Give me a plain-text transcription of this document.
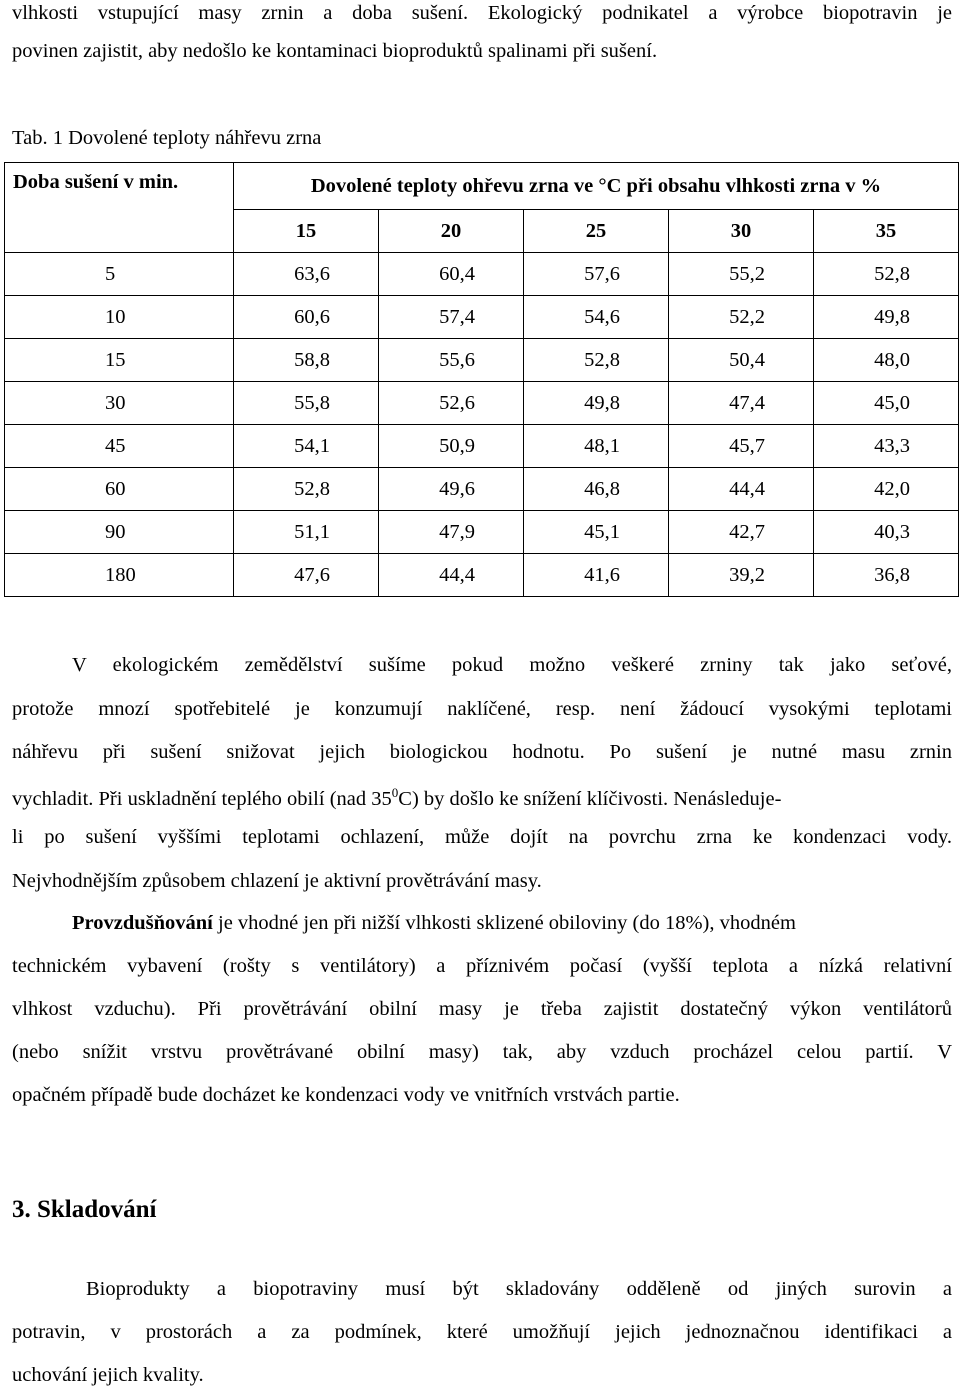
vlhkosti vstupující masy zrnin a doba sušení. Ekologický podnikatel a výrobce biopotravin je
povinen zajistit, aby nedošlo ke kontaminaci bioproduktů spalinami při sušení.
Tab. 1 Dovolené teploty náhřevu zrna
Doba sušení v min.	Dovolené teploty ohřevu zrna ve °C při obsahu vlhkosti zrna v %				
	15	20	25	30	35
5	63,6	60,4	57,6	55,2	52,8
10	60,6	57,4	54,6	52,2	49,8
15	58,8	55,6	52,8	50,4	48,0
30	55,8	52,6	49,8	47,4	45,0
45	54,1	50,9	48,1	45,7	43,3
60	52,8	49,6	46,8	44,4	42,0
90	51,1	47,9	45,1	42,7	40,3
180	47,6	44,4	41,6	39,2	36,8
V ekologickém zemědělství sušíme pokud možno veškeré zrniny tak jako seťové,
protože mnozí spotřebitelé je konzumují naklíčené, resp. není žádoucí vysokými teplotami
náhřevu při sušení snižovat jejich biologickou hodnotu. Po sušení je nutné masu zrnin
vychladit. Při uskladnění teplého obilí (nad $35^0C$) by došlo ke snížení klíčivosti. Nenásleduje-
li po sušení vyššími teplotami ochlazení, může dojít na povrchu zrna ke kondenzaci vody.
Nejvhodnějším způsobem chlazení je aktivní provětrávání masy.
Provzdušňování je vhodné jen při nižší vlhkosti sklizené obiloviny (do 18%), vhodném
technickém vybavení (rošty s ventilátory) a příznivém počasí (vyšší teplota a nízká relativní
vlhkost vzduchu). Při provětrávání obilní masy je třeba zajistit dostatečný výkon ventilátorů
(nebo snížit vrstvu provětrávané obilní masy) tak, aby vzduch procházel celou partií. V
opačném případě bude docházet ke kondenzaci vody ve vnitřních vrstvách partie.
3. Skladování
Bioprodukty a biopotraviny musí být skladovány odděleně od jiných surovin a
potravin, v prostorách a za podmínek, které umožňují jejich jednoznačnou identifikaci a
uchování jejich kvality.
